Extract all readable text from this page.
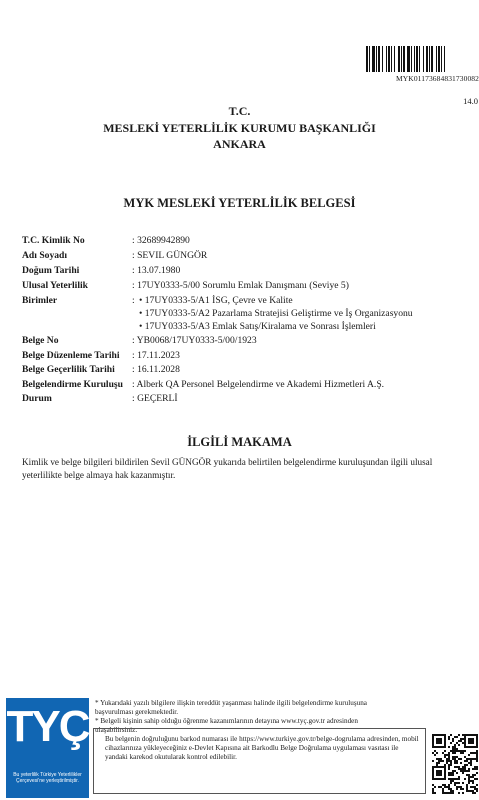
MYK01173684831730082
14.0
T.C.
MESLEKİ YETERLİLİK KURUMU BAŞKANLIĞI
ANKARA
MYK MESLEKİ YETERLİLİK BELGESİ
T.C. Kimlik No	: 32689942890
Adı Soyadı	: SEVIL GÜNGÖR
Doğum Tarihi	: 13.07.1980
Ulusal Yeterlilik	: 17UY0333-5/00 Sorumlu Emlak Danışmanı (Seviye 5)
Birimler	: • 17UY0333-5/A1 İSG, Çevre ve Kalite
• 17UY0333-5/A2 Pazarlama Stratejisi Geliştirme ve İş Organizasyonu
• 17UY0333-5/A3 Emlak Satış/Kiralama ve Sonrası İşlemleri
Belge No	: YB0068/17UY0333-5/00/1923
Belge Düzenleme Tarihi : 17.11.2023
Belge Geçerlilik Tarihi : 16.11.2028
Belgelendirme Kuruluşu : Alberk QA Personel Belgelendirme ve Akademi Hizmetleri A.Ş.
Durum	: GEÇERLİ
İLGİLİ MAKAMA
Kimlik ve belge bilgileri bildirilen Sevil GÜNGÖR yukarıda belirtilen belgelendirme kuruluşundan ilgili ulusal yeterlilikte belge almaya hak kazanmıştır.
TYÇ
Bu yeterlilik Türkiye Yeterlilikler Çerçevesi'ne yerleştirilmiştir.
* Yukarıdaki yazılı bilgilere ilişkin tereddüt yaşanması halinde ilgili belgelendirme kuruluşuna başvurulması gerekmektedir.
* Belgeli kişinin sahip olduğu öğrenme kazanımlarının detayına www.tyç.gov.tr adresinden ulaşabilirsiniz.
Bu belgenin doğruluğunu barkod numarası ile https://www.turkiye.gov.tr/belge-dogrulama adresinden, mobil cihazlarınıza yükleyeceğiniz e-Devlet Kapısına ait Barkodlu Belge Doğrulama uygulaması vasıtası ile yandaki karekod okutularak kontrol edilebilir.
